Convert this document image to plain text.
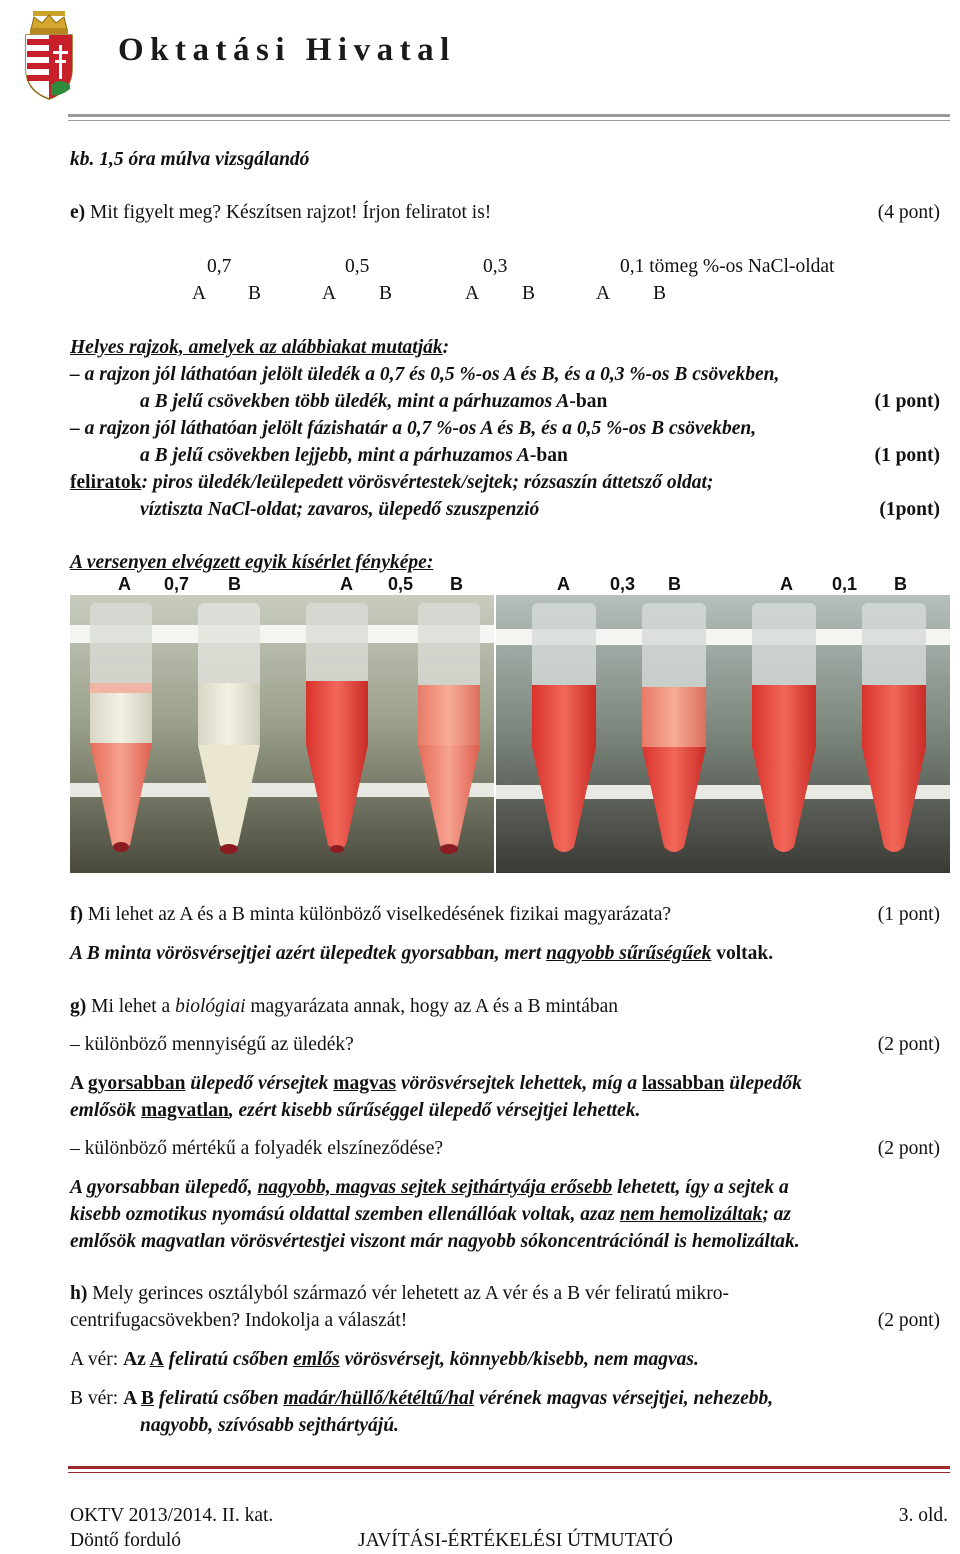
Oktatási Hivatal
kb. 1,5 óra múlva vizsgálandó
e) Mit figyelt meg? Készítsen rajzot! Írjon feliratot is!	(4 pont)
0,7	0,5	0,3	0,1 tömeg %-os NaCl-oldat
A B	A B	A B	A B
Helyes rajzok, amelyek az alábbiakat mutatják:
– a rajzon jól láthatóan jelölt üledék a 0,7 és 0,5 %-os A és B, és a 0,3 %-os B csövekben,
a B jelű csövekben több üledék, mint a párhuzamos A-ban	(1 pont)
– a rajzon jól láthatóan jelölt fázishatár a 0,7 %-os A és B, és a 0,5 %-os B csövekben,
a B jelű csövekben lejjebb, mint a párhuzamos A-ban	(1 pont)
feliratok: piros üledék/leülepedett vörösvértestek/sejtek; rózsaszín áttetsző oldat;
víztiszta NaCl-oldat; zavaros, ülepedő szuszpenzió	(1pont)
A versenyen elvégzett egyik kísérlet fényképe:
A 0,7 B	A 0,5 B	A 0,3 B	A 0,1 B
f) Mi lehet az A és a B minta különböző viselkedésének fizikai magyarázata?	(1 pont)
A B minta vörösvérsejtjei azért ülepedtek gyorsabban, mert nagyobb sűrűségűek voltak.
g) Mi lehet a biológiai magyarázata annak, hogy az A és a B mintában
– különböző mennyiségű az üledék?	(2 pont)
A gyorsabban ülepedő vérsejtek magvas vörösvérsejtek lehettek, míg a lassabban ülepedők
emlősök magvatlan, ezért kisebb sűrűséggel ülepedő vérsejtjei lehettek.
– különböző mértékű a folyadék elszíneződése?	(2 pont)
A gyorsabban ülepedő, nagyobb, magvas sejtek sejthártyája erősebb lehetett, így a sejtek a
kisebb ozmotikus nyomású oldattal szemben ellenállóak voltak, azaz nem hemolizáltak; az
emlősök magvatlan vörösvértestjei viszont már nagyobb sókoncentrációnál is hemolizáltak.
h) Mely gerinces osztályból származó vér lehetett az A vér és a B vér feliratú mikro-
centrifugacsövekben? Indokolja a válaszát!	(2 pont)
A vér: Az A feliratú csőben emlős vörösvérsejt, könnyebb/kisebb, nem magvas.
B vér: A B feliratú csőben madár/hüllő/kétéltű/hal vérének magvas vérsejtjei, nehezebb,
nagyobb, szívósabb sejthártyájú.
OKTV 2013/2014. II. kat.
Döntő forduló	JAVÍTÁSI-ÉRTÉKELÉSI ÚTMUTATÓ
3. old.
